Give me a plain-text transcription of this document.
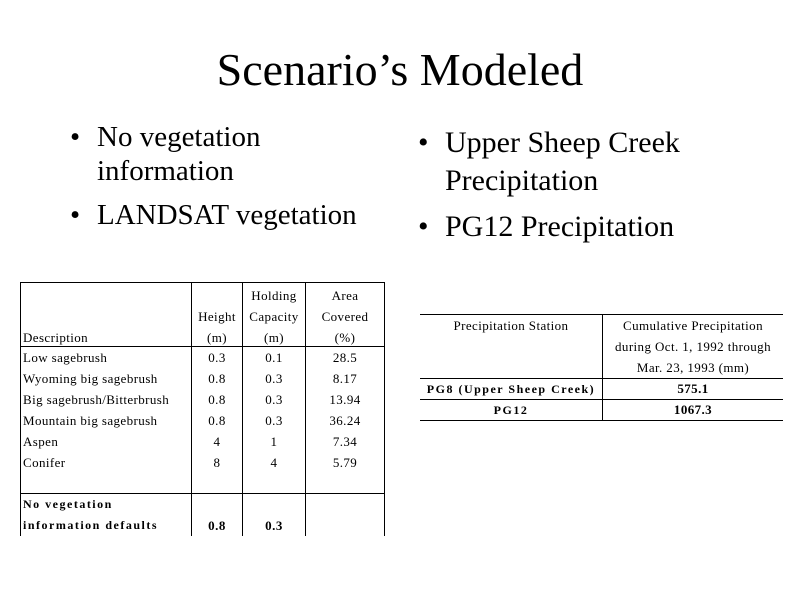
Scenario’s Modeled
• No vegetation information
• LANDSAT vegetation
• Upper Sheep Creek Precipitation
• PG12 Precipitation
		Holding	Area
	Height	Capacity	Covered
Description	(m)	(m)	(%)
Low sagebrush	0.3	0.1	28.5
Wyoming big sagebrush	0.8	0.3	8.17
Big sagebrush/Bitterbrush	0.8	0.3	13.94
Mountain big sagebrush	0.8	0.3	36.24
Aspen	4	1	7.34
Conifer	8	4	5.79

No vegetation			
information defaults	0.8	0.3	
Precipitation Station	Cumulative Precipitation
during Oct. 1, 1992 through
Mar. 23, 1993 (mm)

PG8 (Upper Sheep Creek)	575.1
PG12	1067.3
